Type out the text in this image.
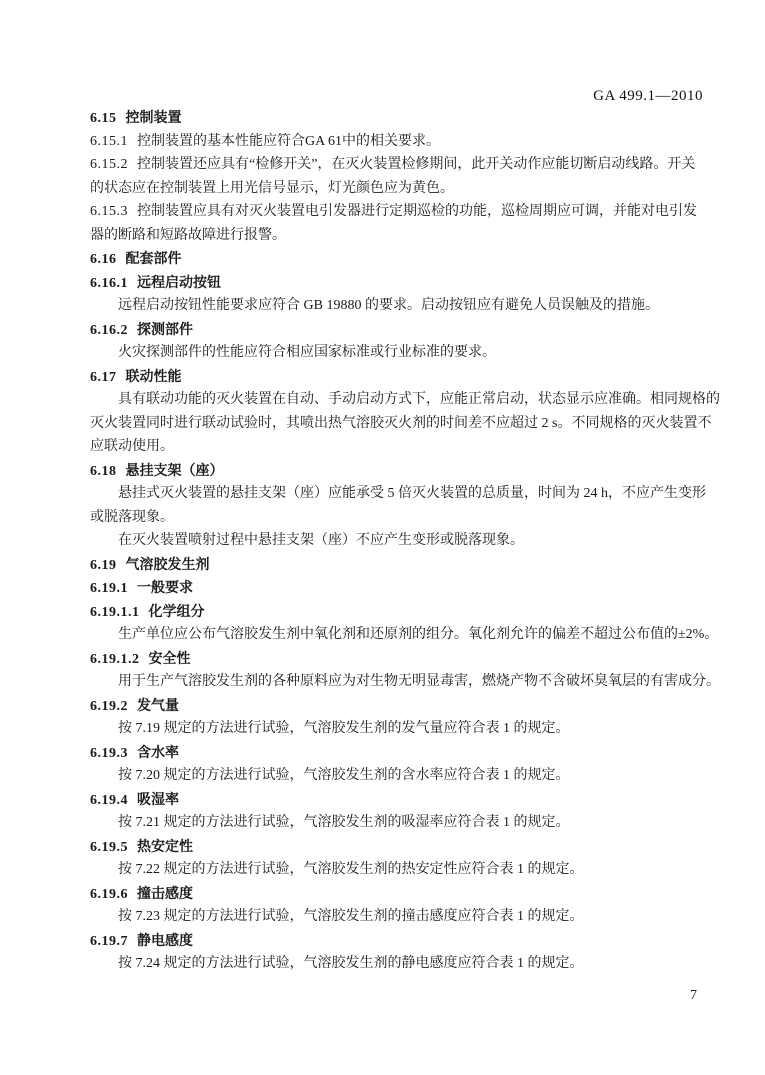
GA 499.1—2010
6.15 控制装置
6.15.1 控制装置的基本性能应符合GA 61中的相关要求。
6.15.2 控制装置还应具有“检修开关”，在灭火装置检修期间，此开关动作应能切断启动线路。开关
的状态应在控制装置上用光信号显示，灯光颜色应为黄色。
6.15.3 控制装置应具有对灭火装置电引发器进行定期巡检的功能，巡检周期应可调，并能对电引发
器的断路和短路故障进行报警。
6.16 配套部件
6.16.1 远程启动按钮
远程启动按钮性能要求应符合 GB 19880 的要求。启动按钮应有避免人员误触及的措施。
6.16.2 探测部件
火灾探测部件的性能应符合相应国家标准或行业标准的要求。
6.17 联动性能
具有联动功能的灭火装置在自动、手动启动方式下，应能正常启动，状态显示应准确。相同规格的
灭火装置同时进行联动试验时，其喷出热气溶胶灭火剂的时间差不应超过 2 s。不同规格的灭火装置不
应联动使用。
6.18 悬挂支架（座）
悬挂式灭火装置的悬挂支架（座）应能承受 5 倍灭火装置的总质量，时间为 24 h，不应产生变形
或脱落现象。
在灭火装置喷射过程中悬挂支架（座）不应产生变形或脱落现象。
6.19 气溶胶发生剂
6.19.1 一般要求
6.19.1.1 化学组分
生产单位应公布气溶胶发生剂中氧化剂和还原剂的组分。氧化剂允许的偏差不超过公布值的±2%。
6.19.1.2 安全性
用于生产气溶胶发生剂的各种原料应为对生物无明显毒害，燃烧产物不含破坏臭氧层的有害成分。
6.19.2 发气量
按 7.19 规定的方法进行试验，气溶胶发生剂的发气量应符合表 1 的规定。
6.19.3 含水率
按 7.20 规定的方法进行试验，气溶胶发生剂的含水率应符合表 1 的规定。
6.19.4 吸湿率
按 7.21 规定的方法进行试验，气溶胶发生剂的吸湿率应符合表 1 的规定。
6.19.5 热安定性
按 7.22 规定的方法进行试验，气溶胶发生剂的热安定性应符合表 1 的规定。
6.19.6 撞击感度
按 7.23 规定的方法进行试验，气溶胶发生剂的撞击感度应符合表 1 的规定。
6.19.7 静电感度
按 7.24 规定的方法进行试验，气溶胶发生剂的静电感度应符合表 1 的规定。
7
